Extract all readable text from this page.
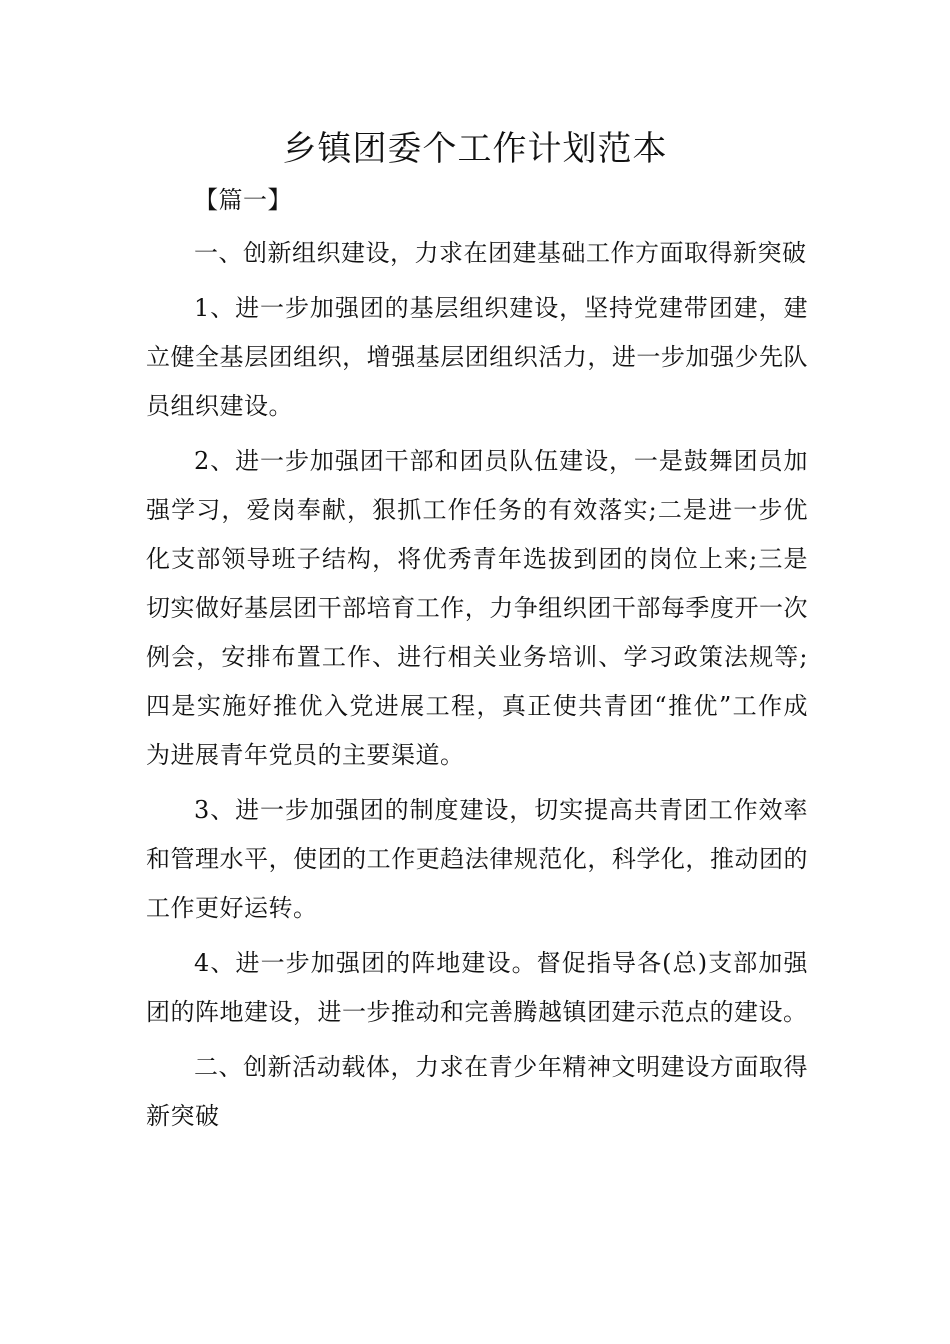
乡镇团委个工作计划范本

【篇一】

一、创新组织建设，力求在团建基础工作方面取得新突破

1、进一步加强团的基层组织建设，坚持党建带团建，建立健全基层团组织，增强基层团组织活力，进一步加强少先队员组织建设。

2、进一步加强团干部和团员队伍建设，一是鼓舞团员加强学习，爱岗奉献，狠抓工作任务的有效落实;二是进一步优化支部领导班子结构，将优秀青年选拔到团的岗位上来;三是切实做好基层团干部培育工作，力争组织团干部每季度开一次例会，安排布置工作、进行相关业务培训、学习政策法规等;四是实施好推优入党进展工程，真正使共青团“推优”工作成为进展青年党员的主要渠道。

3、进一步加强团的制度建设，切实提高共青团工作效率和管理水平，使团的工作更趋法律规范化，科学化，推动团的工作更好运转。

4、进一步加强团的阵地建设。督促指导各(总)支部加强团的阵地建设，进一步推动和完善腾越镇团建示范点的建设。

二、创新活动载体，力求在青少年精神文明建设方面取得新突破
